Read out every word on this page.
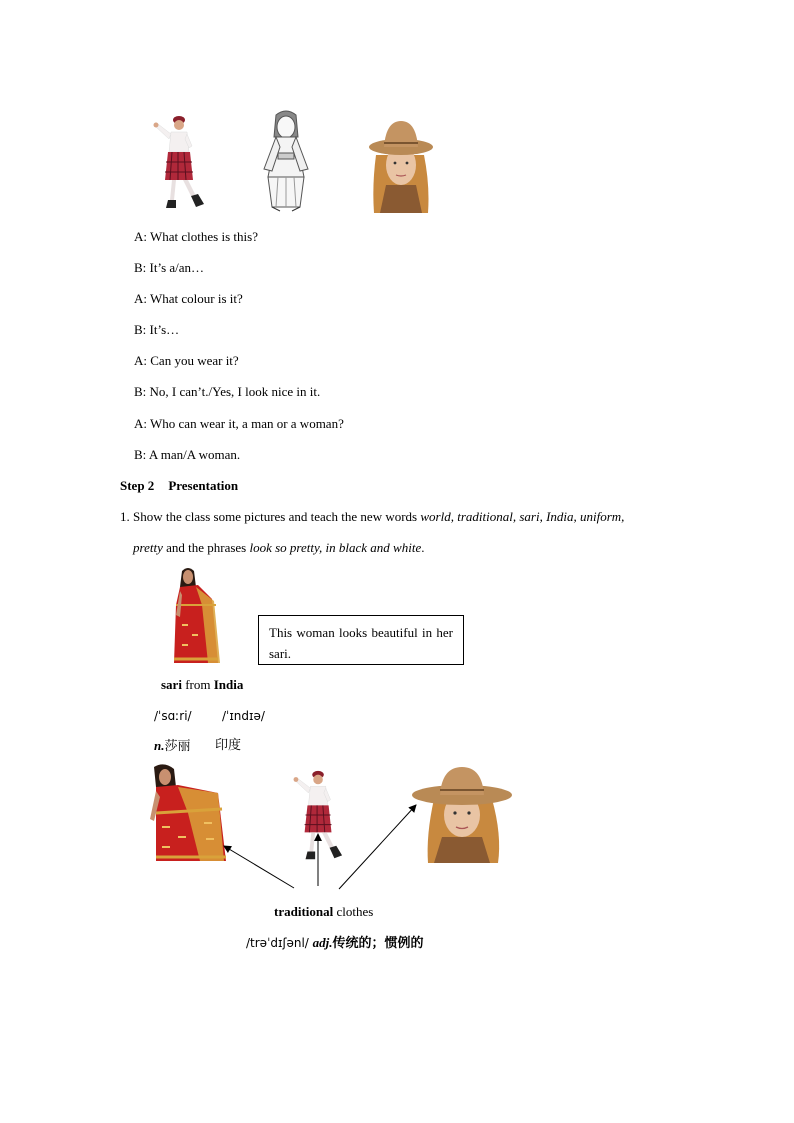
A: What clothes is this?
B: It’s a/an…
A: What colour is it?
B: It’s…
A: Can you wear it?
B: No, I can’t./Yes, I look nice in it.
A: Who can wear it, a man or a woman?
B: A man/A woman.
Step 2 Presentation
1. Show the class some pictures and teach the new words world, traditional, sari, India, uniform,
pretty and the phrases look so pretty, in black and white.
This woman looks beautiful in her sari.
sari from India
/ˈsɑːri/	/ˈɪndɪə/
n.莎丽 印度
traditional clothes
/trəˈdɪʃənl/ adj.传统的；惯例的
